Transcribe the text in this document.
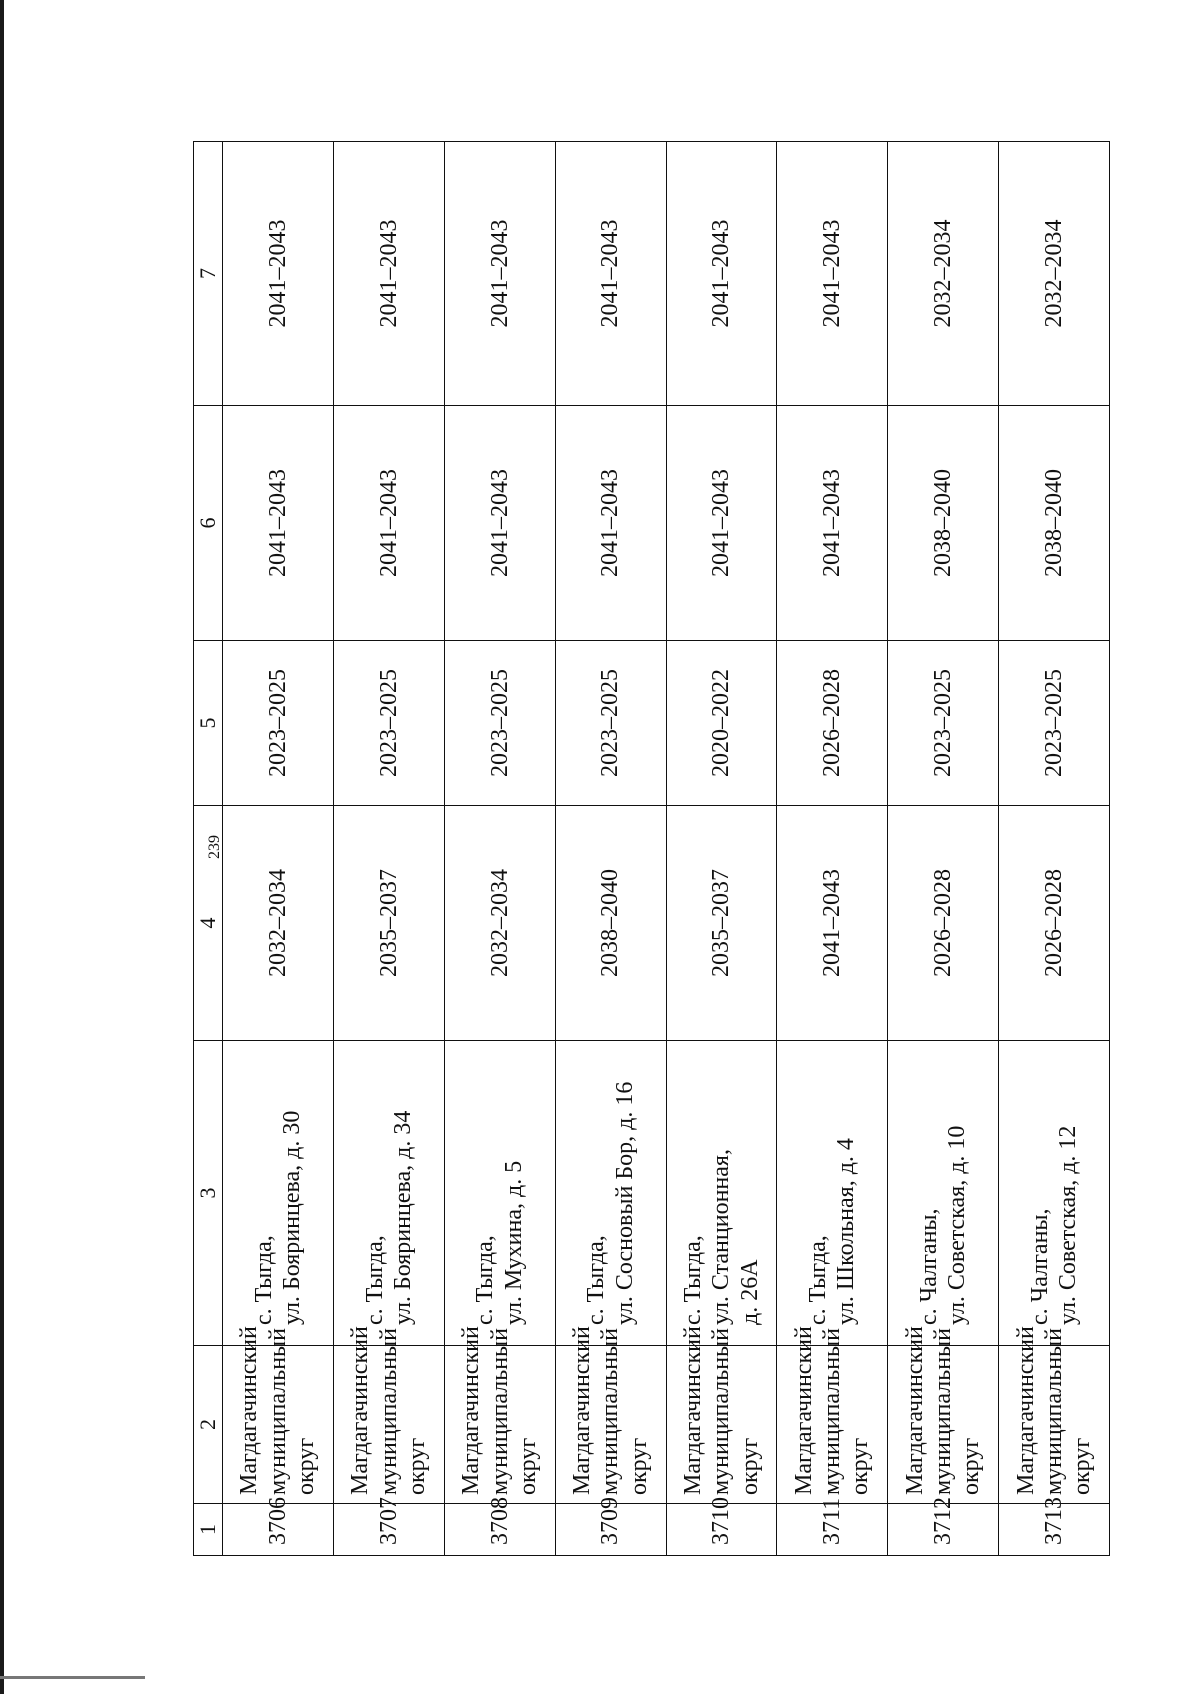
239
1	2	3	4	5	6	7
3706	Магдагачинский муниципальный округ	с. Тыгда, ул. Бояринцева, д. 30	2032–2034	2023–2025	2041–2043	2041–2043
3707	Магдагачинский муниципальный округ	с. Тыгда, ул. Бояринцева, д. 34	2035–2037	2023–2025	2041–2043	2041–2043
3708	Магдагачинский муниципальный округ	с. Тыгда, ул. Мухина, д. 5	2032–2034	2023–2025	2041–2043	2041–2043
3709	Магдагачинский муниципальный округ	с. Тыгда, ул. Сосновый Бор, д. 16	2038–2040	2023–2025	2041–2043	2041–2043
3710	Магдагачинский муниципальный округ	с. Тыгда, ул. Станционная, д. 26А	2035–2037	2020–2022	2041–2043	2041–2043
3711	Магдагачинский муниципальный округ	с. Тыгда, ул. Школьная, д. 4	2041–2043	2026–2028	2041–2043	2041–2043
3712	Магдагачинский муниципальный округ	с. Чалганы, ул. Советская, д. 10	2026–2028	2023–2025	2038–2040	2032–2034
3713	Магдагачинский муниципальный округ	с. Чалганы, ул. Советская, д. 12	2026–2028	2023–2025	2038–2040	2032–2034
